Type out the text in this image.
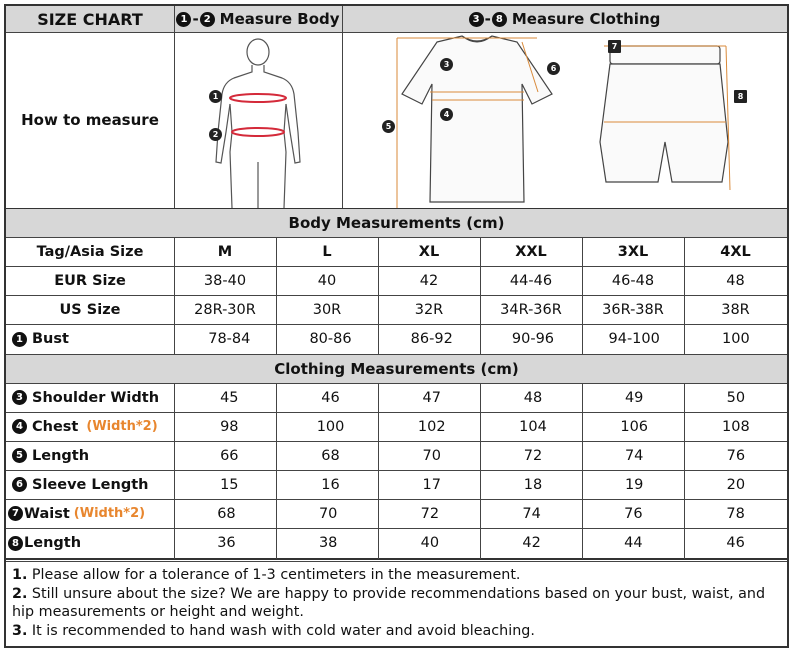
SIZE CHART	1 - 2 Measure Body	3 - 8 Measure Clothing
How to measure
1
2
3
4
5
6
7
8
Body Measurements (cm)
Tag/Asia Size	M	L	XL	XXL	3XL	4XL
EUR Size	38-40	40	42	44-46	46-48	48
US Size	28R-30R	30R	32R	34R-36R	36R-38R	38R
1 Bust	78-84	80-86	86-92	90-96	94-100	100
Clothing Measurements (cm)
3 Shoulder Width	45	46	47	48	49	50
4 Chest (Width*2)	98	100	102	104	106	108
5 Length	66	68	70	72	74	76
6 Sleeve Length	15	16	17	18	19	20
7 Waist (Width*2)	68	70	72	74	76	78
8 Length	36	38	40	42	44	46
1. Please allow for a tolerance of 1-3 centimeters in the measurement.
2. Still unsure about the size? We are happy to provide recommendations based on your bust, waist, and hip measurements or height and weight.
3. It is recommended to hand wash with cold water and avoid bleaching.
